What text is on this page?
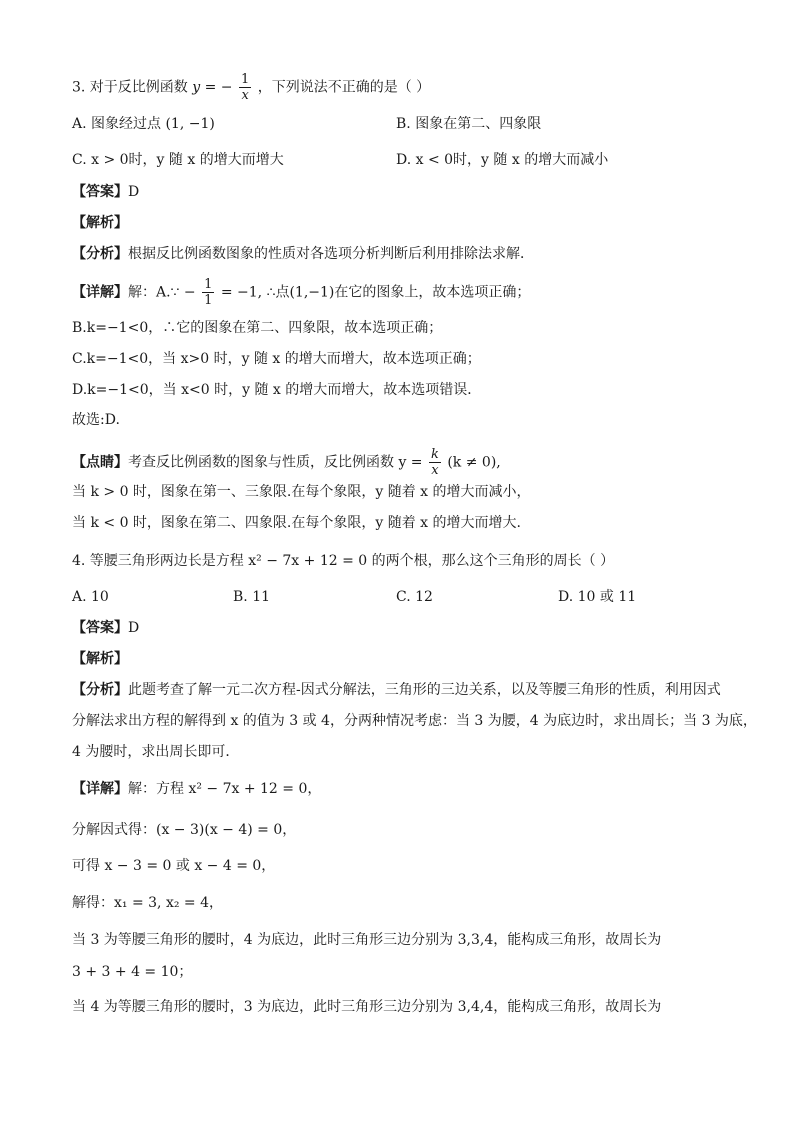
3. 对于反比例函数 y = − $\frac{1}{x}$ ，下列说法不正确的是（ ）
A. 图象经过点 (1, −1)	B. 图象在第二、四象限
C. x > 0时，y 随 x 的增大而增大	D. x < 0时，y 随 x 的增大而减小
【答案】D
【解析】
【分析】根据反比例函数图象的性质对各选项分析判断后利用排除法求解．
【详解】解：A.∵ − $\frac{1}{1} = -1$, ∴点(1,−1)在它的图象上，故本选项正确；
B.k=−1<0，∴它的图象在第二、四象限，故本选项正确；
C.k=−1<0，当 x>0 时，y 随 x 的增大而增大，故本选项正确；
D.k=−1<0，当 x<0 时，y 随 x 的增大而增大，故本选项错误．
故选:D.
【点睛】考查反比例函数的图象与性质，反比例函数 $y = \frac{k}{x} (k \ne 0)$,
当 k > 0 时，图象在第一、三象限.在每个象限，y 随着 x 的增大而减小，
当 k < 0 时，图象在第二、四象限.在每个象限，y 随着 x 的增大而增大.
4. 等腰三角形两边长是方程 x² − 7x + 12 = 0 的两个根，那么这个三角形的周长（ ）
A. 10	B. 11	C. 12	D. 10 或 11
【答案】D
【解析】
【分析】此题考查了解一元二次方程-因式分解法，三角形的三边关系，以及等腰三角形的性质，利用因式
分解法求出方程的解得到 x 的值为 3 或 4，分两种情况考虑：当 3 为腰，4 为底边时，求出周长；当 3 为底，
4 为腰时，求出周长即可．
【详解】解：方程 x² − 7x + 12 = 0，
分解因式得：(x − 3)(x − 4) = 0，
可得 x − 3 = 0 或 x − 4 = 0，
解得：x₁ = 3, x₂ = 4，
当 3 为等腰三角形的腰时，4 为底边，此时三角形三边分别为 3,3,4，能构成三角形，故周长为
3 + 3 + 4 = 10；
当 4 为等腰三角形的腰时，3 为底边，此时三角形三边分别为 3,4,4，能构成三角形，故周长为
